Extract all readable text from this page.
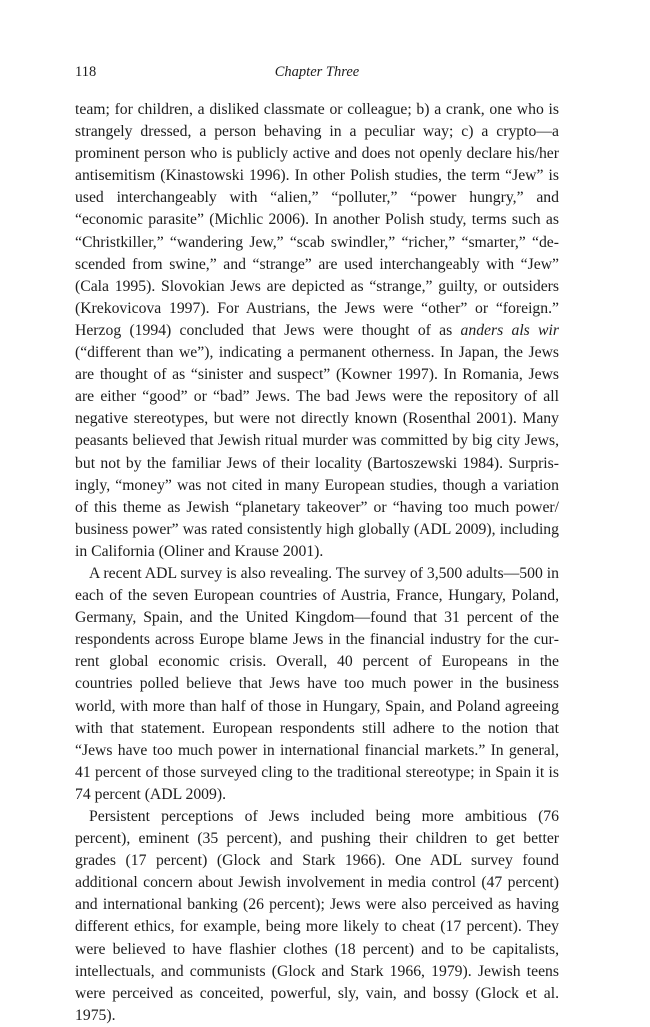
118	Chapter Three

team; for children, a disliked classmate or colleague; b) a crank, one who is strangely dressed, a person behaving in a peculiar way; c) a crypto—a prominent person who is publicly active and does not openly declare his/her antisemitism (Kinastowski 1996). In other Polish studies, the term “Jew” is used interchangeably with “alien,” “polluter,” “power hungry,” and “economic parasite” (Michlic 2006). In another Polish study, terms such as “Christkiller,” “wandering Jew,” “scab swindler,” “richer,” “smarter,” “descended from swine,” and “strange” are used interchangeably with “Jew” (Cala 1995). Slovokian Jews are depicted as “strange,” guilty, or outsiders (Krekovicova 1997). For Austrians, the Jews were “other” or “foreign.” Herzog (1994) concluded that Jews were thought of as anders als wir (“different than we”), indicating a permanent otherness. In Japan, the Jews are thought of as “sinister and suspect” (Kowner 1997). In Romania, Jews are either “good” or “bad” Jews. The bad Jews were the repository of all negative stereotypes, but were not directly known (Rosenthal 2001). Many peasants believed that Jewish ritual murder was committed by big city Jews, but not by the familiar Jews of their locality (Bartoszewski 1984). Surprisingly, “money” was not cited in many European studies, though a variation of this theme as Jewish “planetary takeover” or “having too much power/​business power” was rated consistently high globally (ADL 2009), including in California (Oliner and Krause 2001).

A recent ADL survey is also revealing. The survey of 3,500 adults—500 in each of the seven European countries of Austria, France, Hungary, Poland, Germany, Spain, and the United Kingdom—found that 31 percent of the respondents across Europe blame Jews in the financial industry for the current global economic crisis. Overall, 40 percent of Europeans in the countries polled believe that Jews have too much power in the business world, with more than half of those in Hungary, Spain, and Poland agreeing with that statement. European respondents still adhere to the notion that “Jews have too much power in international financial markets.” In general, 41 percent of those surveyed cling to the traditional stereotype; in Spain it is 74 percent (ADL 2009).

Persistent perceptions of Jews included being more ambitious (76 percent), eminent (35 percent), and pushing their children to get better grades (17 percent) (Glock and Stark 1966). One ADL survey found additional concern about Jewish involvement in media control (47 percent) and international banking (26 percent); Jews were also perceived as having different ethics, for example, being more likely to cheat (17 percent). They were believed to have flashier clothes (18 percent) and to be capitalists, intellectuals, and communists (Glock and Stark 1966, 1979). Jewish teens were perceived as conceited, powerful, sly, vain, and bossy (Glock et al. 1975).
